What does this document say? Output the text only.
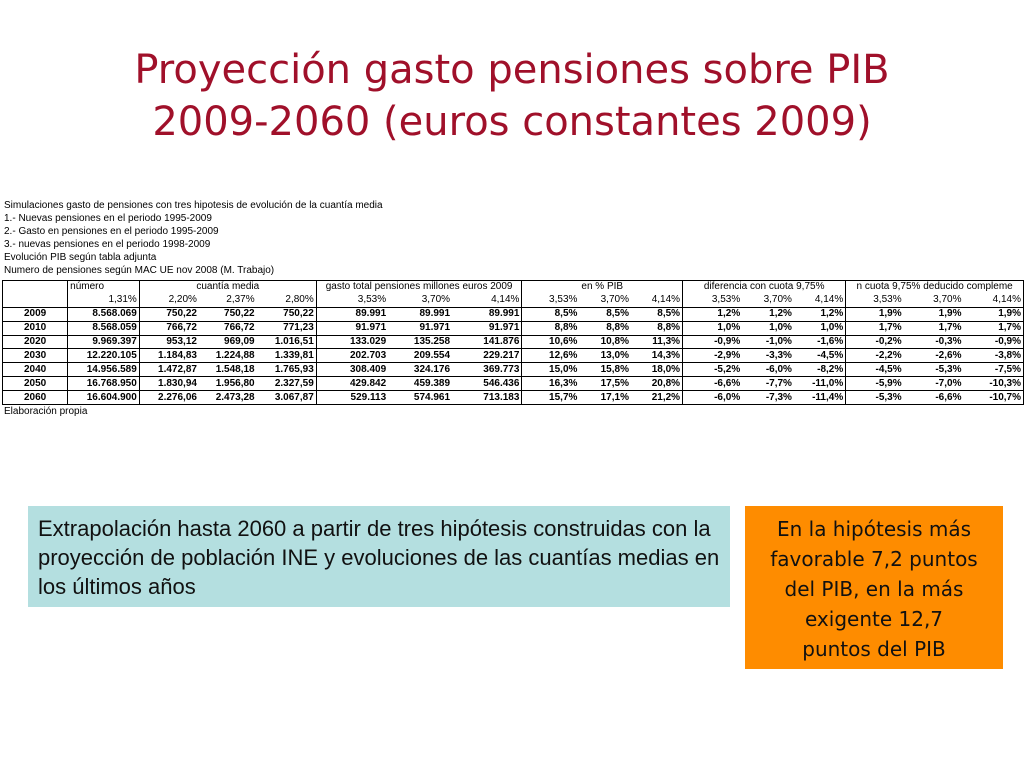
Proyección gasto pensiones sobre PIB
2009-2060 (euros constantes 2009)
Simulaciones gasto de pensiones con tres hipotesis de evolución de la cuantía media
1.- Nuevas pensiones en el periodo 1995-2009
2.- Gasto en pensiones en el periodo 1995-2009
3.- nuevas pensiones en el periodo 1998-2009
Evolución PIB según tabla adjunta
Numero de pensiones según MAC UE nov 2008 (M. Trabajo)
	número	cuantía media			gasto total pensiones millones euros 2009			en % PIB			diferencia con cuota 9,75%			n cuota 9,75% deducido compleme		
	1,31%	2,20%	2,37%	2,80%	3,53%	3,70%	4,14%	3,53%	3,70%	4,14%	3,53%	3,70%	4,14%	3,53%	3,70%	4,14%
2009	8.568.069	750,22	750,22	750,22	89.991	89.991	89.991	8,5%	8,5%	8,5%	1,2%	1,2%	1,2%	1,9%	1,9%	1,9%
2010	8.568.059	766,72	766,72	771,23	91.971	91.971	91.971	8,8%	8,8%	8,8%	1,0%	1,0%	1,0%	1,7%	1,7%	1,7%
2020	9.969.397	953,12	969,09	1.016,51	133.029	135.258	141.876	10,6%	10,8%	11,3%	-0,9%	-1,0%	-1,6%	-0,2%	-0,3%	-0,9%
2030	12.220.105	1.184,83	1.224,88	1.339,81	202.703	209.554	229.217	12,6%	13,0%	14,3%	-2,9%	-3,3%	-4,5%	-2,2%	-2,6%	-3,8%
2040	14.956.589	1.472,87	1.548,18	1.765,93	308.409	324.176	369.773	15,0%	15,8%	18,0%	-5,2%	-6,0%	-8,2%	-4,5%	-5,3%	-7,5%
2050	16.768.950	1.830,94	1.956,80	2.327,59	429.842	459.389	546.436	16,3%	17,5%	20,8%	-6,6%	-7,7%	-11,0%	-5,9%	-7,0%	-10,3%
2060	16.604.900	2.276,06	2.473,28	3.067,87	529.113	574.961	713.183	15,7%	17,1%	21,2%	-6,0%	-7,3%	-11,4%	-5,3%	-6,6%	-10,7%
Elaboración propia
Extrapolación hasta 2060 a partir de tres hipótesis construidas con la proyección de población INE y evoluciones de las cuantías medias en los últimos años
En la hipótesis más
favorable 7,2 puntos
del PIB, en la más
exigente 12,7
puntos del PIB
